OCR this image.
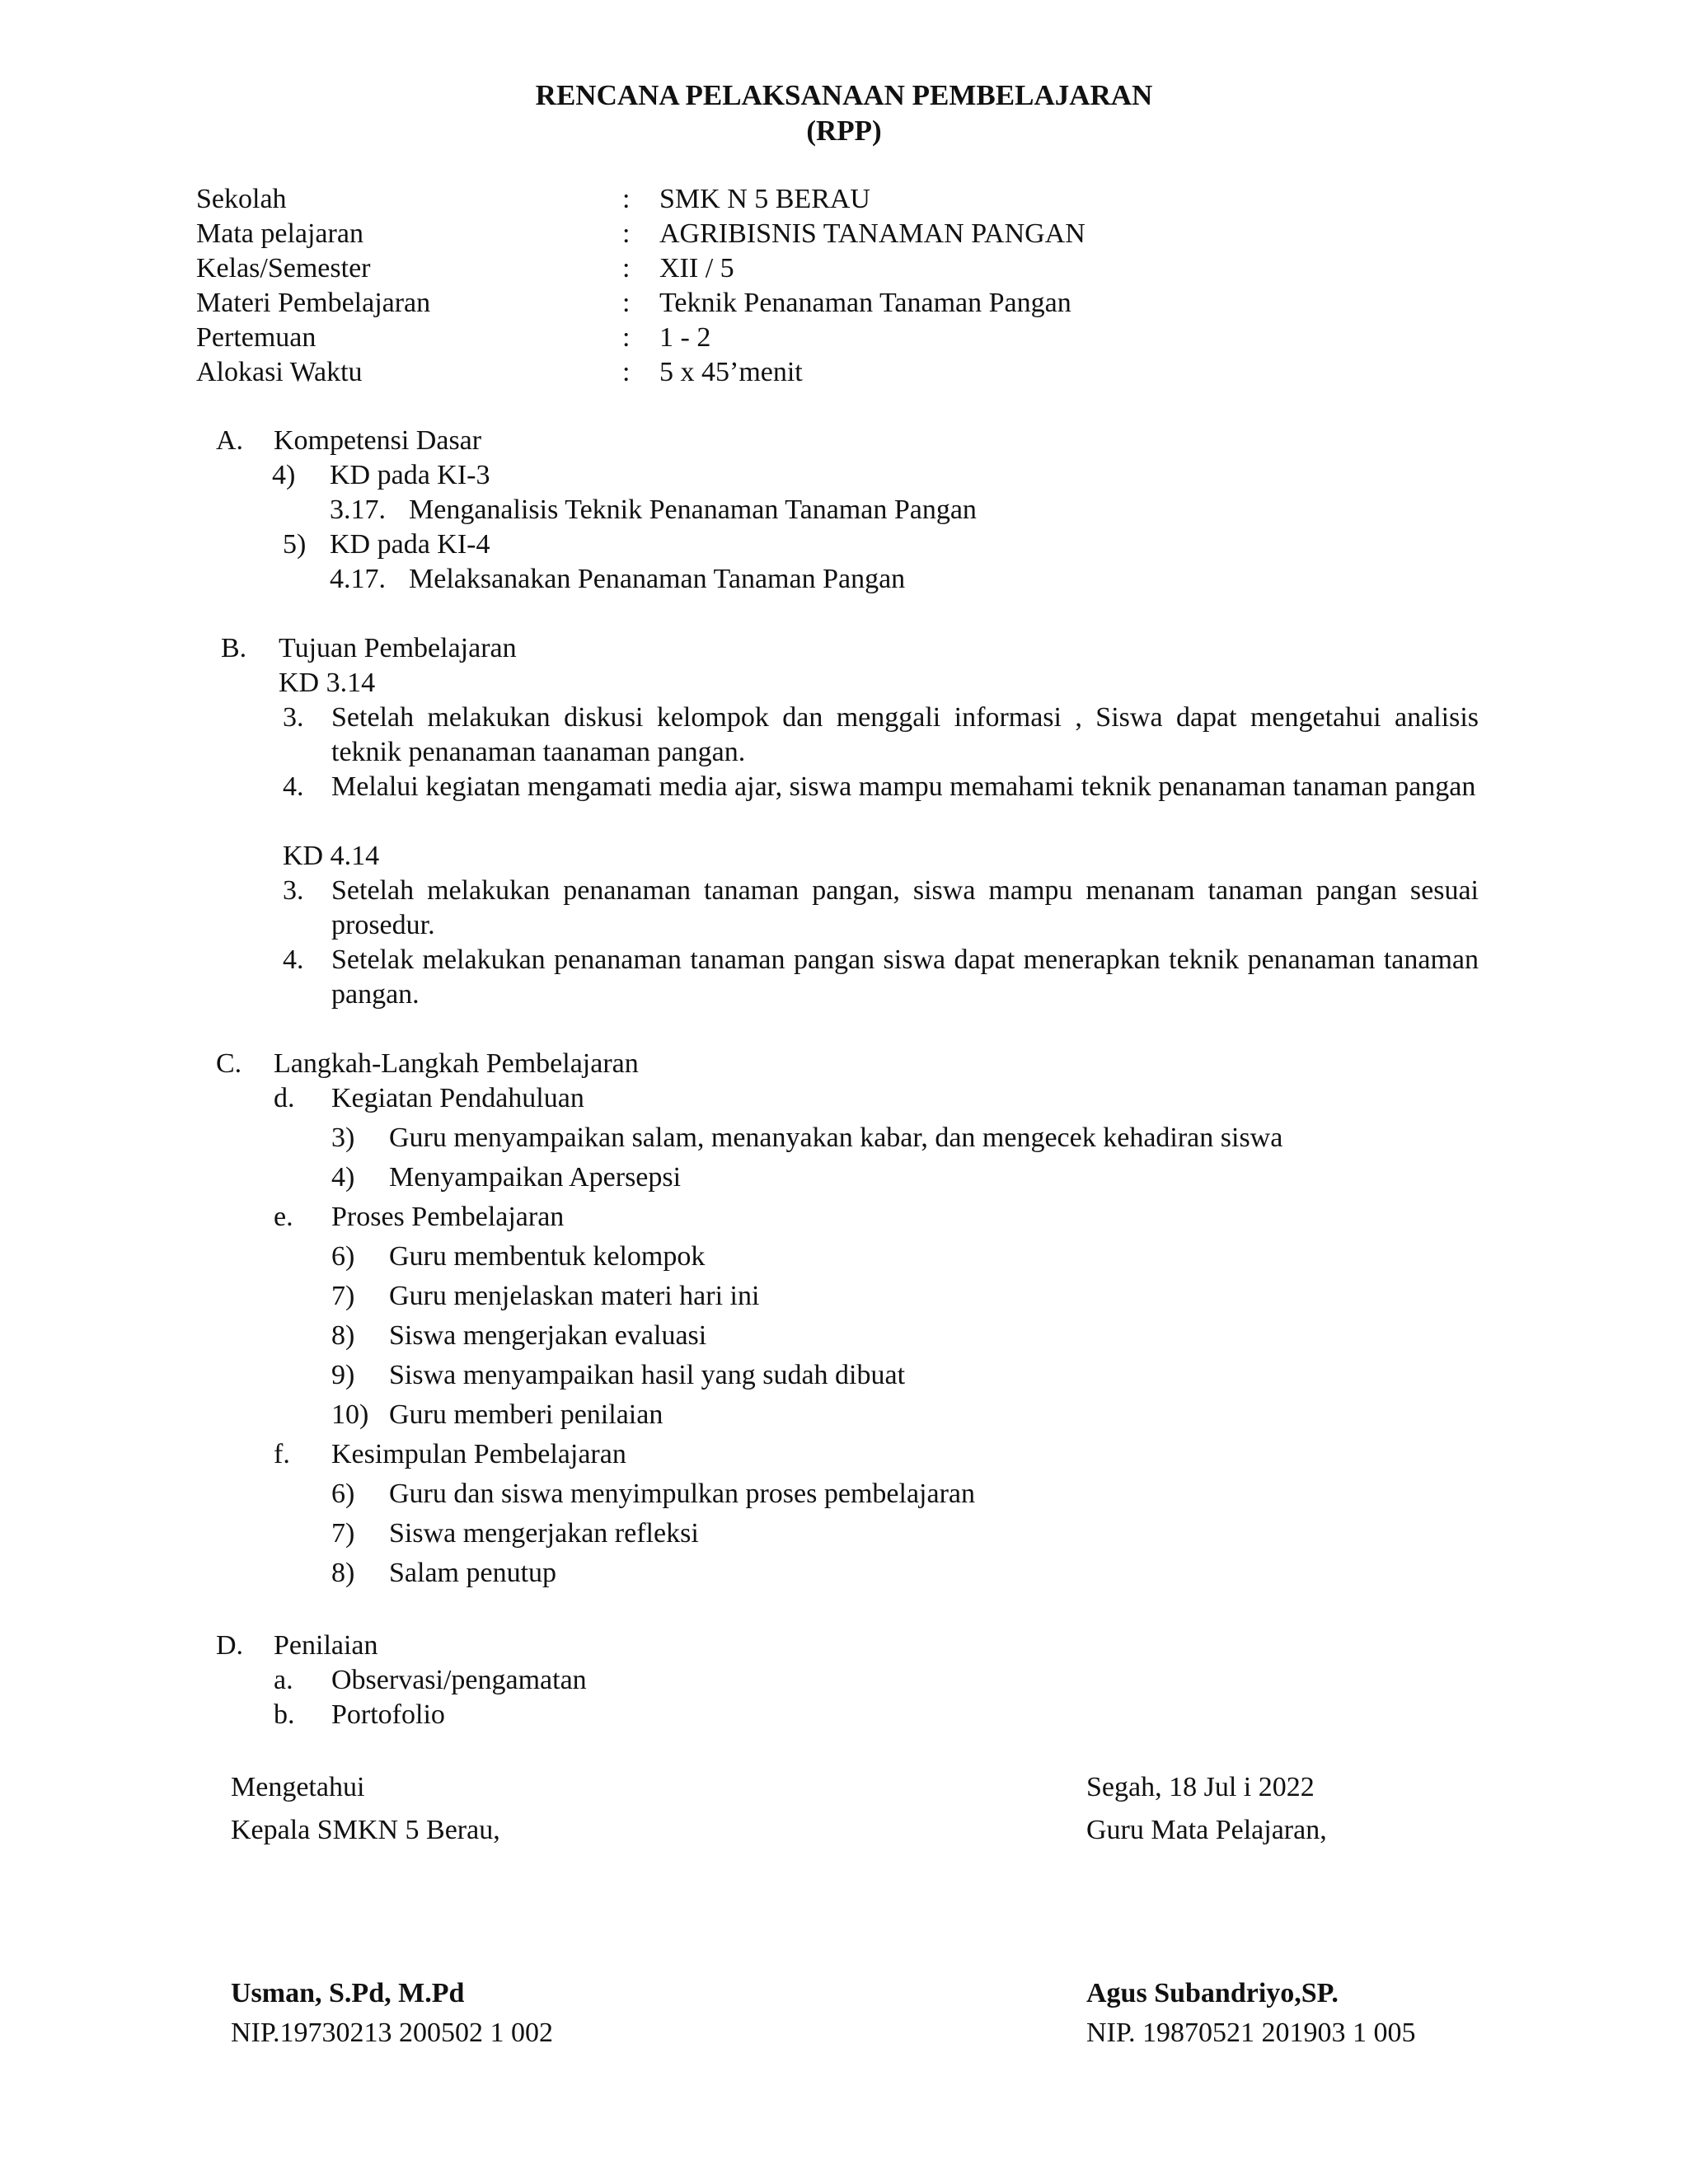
RENCANA PELAKSANAAN PEMBELAJARAN
(RPP)
Sekolah	: SMK N 5 BERAU
Mata pelajaran	: AGRIBISNIS TANAMAN PANGAN
Kelas/Semester	: XII / 5
Materi Pembelajaran	: Teknik Penanaman Tanaman Pangan
Pertemuan	: 1 - 2
Alokasi Waktu	: 5 x 45’menit
A. Kompetensi Dasar
4) KD pada KI-3
3.17. Menganalisis Teknik Penanaman Tanaman Pangan
5) KD pada KI-4
4.17. Melaksanakan Penanaman Tanaman Pangan
B. Tujuan Pembelajaran
KD 3.14
3. Setelah melakukan diskusi kelompok dan menggali informasi , Siswa dapat mengetahui analisis teknik penanaman taanaman pangan.
4. Melalui kegiatan mengamati media ajar, siswa mampu memahami teknik penanaman tanaman pangan
KD 4.14
3. Setelah melakukan penanaman tanaman pangan, siswa mampu menanam tanaman pangan sesuai prosedur.
4. Setelak melakukan penanaman tanaman pangan siswa dapat menerapkan teknik penanaman tanaman pangan.
C. Langkah-Langkah Pembelajaran
d. Kegiatan Pendahuluan
3) Guru menyampaikan salam, menanyakan kabar, dan mengecek kehadiran siswa
4) Menyampaikan Apersepsi
e. Proses Pembelajaran
6) Guru membentuk kelompok
7) Guru menjelaskan materi hari ini
8) Siswa mengerjakan evaluasi
9) Siswa menyampaikan hasil yang sudah dibuat
10) Guru memberi penilaian
f. Kesimpulan Pembelajaran
6) Guru dan siswa menyimpulkan proses pembelajaran
7) Siswa mengerjakan refleksi
8) Salam penutup
D. Penilaian
a. Observasi/pengamatan
b. Portofolio
Mengetahui
Kepala SMKN 5 Berau,
Usman, S.Pd, M.Pd
NIP.19730213 200502 1 002
Segah, 18 Jul i 2022
Guru Mata Pelajaran,
Agus Subandriyo,SP.
NIP. 19870521 201903 1 005
